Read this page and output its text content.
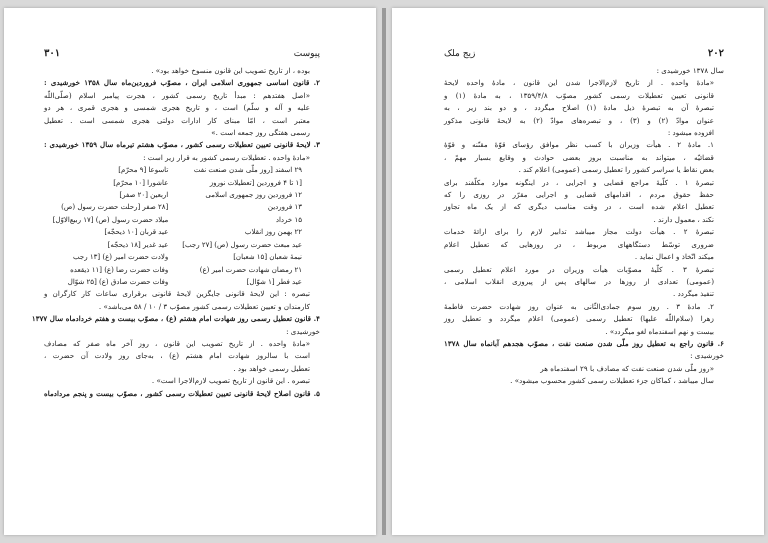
۲۰۲
زیج ملک
سال ۱۳۷۸ خورشیدی :
«مادهٔ واحده . از تاریخ لازم‌الاجرا شدن این قانون ، مادهٔ واحده لایحهٔ
قانونی تعیین تعطیلات رسمی کشور مصوّب ۱۳۵۹/۴/۸ ، به مادهٔ (۱) و
تبصرهٔ آن به تبصرهٔ ذیل مادهٔ (۱) اصلاح میگردد ، و دو بند زیر ، به
عنوان موادّ (۲) و (۳) ، و تبصره‌های موادّ (۲) به لایحهٔ قانونی مذکور
افزوده میشود :
۱. مادهٔ ۲ . هیأت وزیران با کسب نظر موافق رؤسای قوّهٔ مقنّنه و قوّهٔ
قضائیّه ، میتواند به مناسبت بروز بعضی حوادث و وقایع بسیار مهمّ ،
بعض نقاط یا سراسر کشور را تعطیل رسمی (عمومی) اعلام کند .
تبصرهٔ ۱ . کلّیهٔ مراجع قضایی و اجرایی ، در اینگونه موارد مکلّفند برای
حفظ حقوق مردم ، اقدامهای قضایی و اجرایی مقرّر در روزی را که
تعطیل اعلام شده است ، در وقت مناسب دیگری که از یک ماه تجاوز
نکند ، معمول دارند .
تبصرهٔ ۲ . هیأت دولت مجاز میباشد تدابیر لازم را برای ارائهٔ خدمات
ضروری توسّط دستگاههای مربوط ، در روزهایی که تعطیل اعلام
میکند اتّخاذ و اعمال نماید .
تبصرهٔ ۳ . کلّیهٔ مصوّبات هیأت وزیران در مورد اعلام تعطیل رسمی
(عمومی) تعدادی از روزها در سالهای پس از پیروزی انقلاب اسلامی ،
تنفیذ میگردد .
۲. مادهٔ ۳ . روز سوم جمادی‌الثّانی به عنوان روز شهادت حضرت فاطمهٔ
زهرا (سلام‌اللّه علیها) تعطیل رسمی (عمومی) اعلام میگردد و تعطیل روز
بیست و نهم اسفندماه لغو میگردد» .
۶. قانون راجع به تعطیل روز ملّی شدن صنعت نفت ، مصوّب هجدهم آبانماه سال ۱۳۷۸
خورشیدی :
«روز ملّی شدن صنعت نفت که مصادف با ۲۹ اسفندماه هر
سال میباشد ، کماکان جزء تعطیلات رسمی کشور محسوب میشود» .
پیوست
۳۰۱
بوده ، از تاریخ تصویب این قانون منسوخ خواهد بود» .
۲. قانون اساسی جمهوری اسلامی ایران ، مصوّب فروردین‌ماه سال ۱۳۵۸ خورشیدی :
«اصل هفتدهم : مبدأ تاریخ رسمی کشور ، هجرت پیامبر اسلام (صلّی‌اللّه
علیه و آله و سلّم) است ، و تاریخ هجری شمسی و هجری قمری ، هر دو
معتبر است ، امّا مبنای کار ادارات دولتی هجری شمسی است . تعطیل
رسمی هفتگی روز جمعه است .»
۳. لایحهٔ قانونی تعیین تعطیلات رسمی کشور ، مصوّب هشتم تیرماه سال ۱۳۵۹ خورشیدی :
«مادهٔ واحده . تعطیلات رسمی کشور به قرار زیر است :
۲۹ اسفند [روز ملّی شدن صنعت نفت
تاسوعا [۹ محرّم]
[۱ تا ۴ فروردین [تعطیلات نوروز
عاشورا [۱۰ محرّم]
۱۲ فروردین روز جمهوری اسلامی
اربعین [۲۰ صفر]
۱۳ فروردین
[۲۸ صفر [رحلت حضرت رسول (ص)
۱۵ خرداد
میلاد حضرت رسول (ص) [۱۷ ربیع‌الاوّل]
۲۲ بهمن روز انقلاب
عید قربان [۱۰ ذیحجّه]
عید مبعث حضرت رسول (ص) [۲۷ رجب]
عید غدیر [۱۸ ذیحجّه]
نیمهٔ شعبان [۱۵ شعبان]
ولادت حضرت امیر (ع) [۱۳ رجب
۲۱ رمضان شهادت حضرت امیر (ع)
وفات حضرت رضا (ع) [۱۱ ذیقعده
عید فطر [۱ شوّال]
وفات حضرت صادق (ع) [۲۵ شوّال
تبصره : این لایحهٔ قانونی جایگزین لایحهٔ قانونی برقراری ساعات کار کارگران و
کارمندان و تعیین تعطیلات رسمی کشور مصوّب ۳ / ۱۰ / ۵۸ می‌باشد» .
۴. قانون تعطیل رسمی روز شهادت امام هشتم (ع) ، مصوّب بیست و هفتم خردادماه سال ۱۳۷۷
خورشیدی :
«مادهٔ واحده . از تاریخ تصویب این قانون ، روز آخر ماه صفر که مصادف
است با سالروز شهادت امام هشتم (ع) ، به‌جای روز ولادت آن حضرت ،
تعطیل رسمی خواهد بود .
تبصره . این قانون از تاریخ تصویب لازم‌الاجرا است» .
۵. قانون اصلاح لایحهٔ قانونی تعیین تعطیلات رسمی کشور ، مصوّب بیست و پنجم مردادماه
